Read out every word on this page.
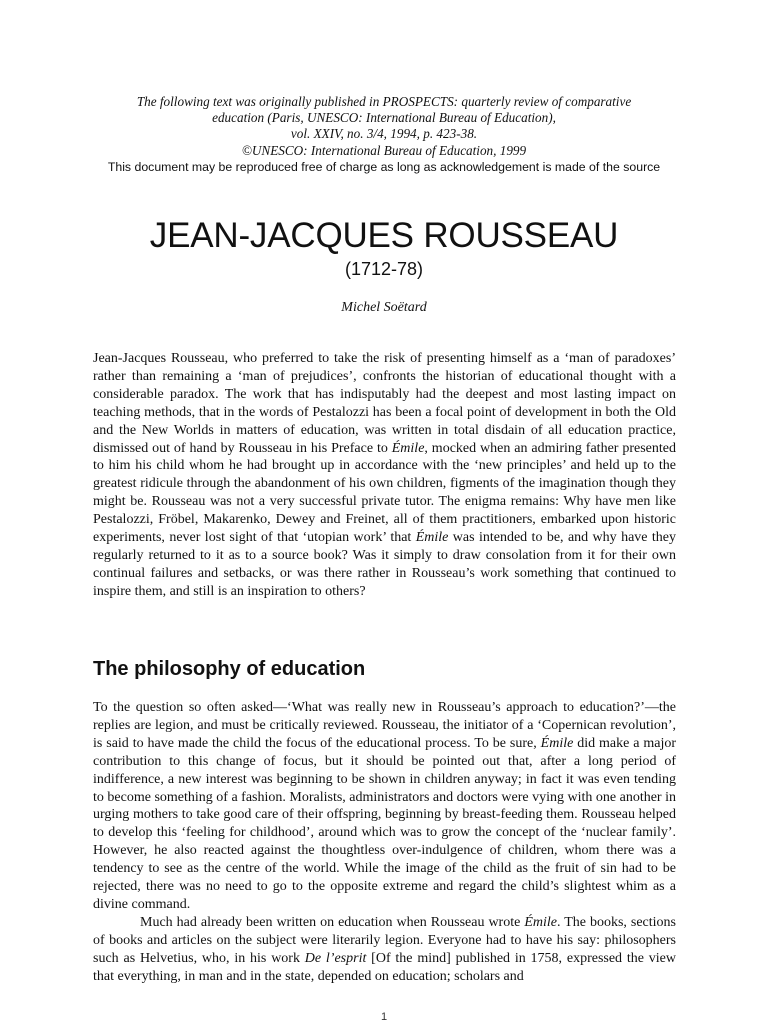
The following text was originally published in PROSPECTS: quarterly review of comparative
education (Paris, UNESCO: International Bureau of Education),
vol. XXIV, no. 3/4, 1994, p. 423-38.
©UNESCO: International Bureau of Education, 1999
This document may be reproduced free of charge as long as acknowledgement is made of the source
JEAN-JACQUES ROUSSEAU
(1712-78)
Michel Soëtard

Jean-Jacques Rousseau, who preferred to take the risk of presenting himself as a ‘man of paradoxes’ rather than remaining a ‘man of prejudices’, confronts the historian of educational thought with a considerable paradox. The work that has indisputably had the deepest and most lasting impact on teaching methods, that in the words of Pestalozzi has been a focal point of development in both the Old and the New Worlds in matters of education, was written in total disdain of all education practice, dismissed out of hand by Rousseau in his Preface to Émile, mocked when an admiring father presented to him his child whom he had brought up in accordance with the ‘new principles’ and held up to the greatest ridicule through the abandonment of his own children, figments of the imagination though they might be. Rousseau was not a very successful private tutor. The enigma remains: Why have men like Pestalozzi, Fröbel, Makarenko, Dewey and Freinet, all of them practitioners, embarked upon historic experiments, never lost sight of that ‘utopian work’ that Émile was intended to be, and why have they regularly returned to it as to a source book? Was it simply to draw consolation from it for their own continual failures and setbacks, or was there rather in Rousseau’s work something that continued to inspire them, and still is an inspiration to others?

The philosophy of education

To the question so often asked—‘What was really new in Rousseau’s approach to education?’—the replies are legion, and must be critically reviewed. Rousseau, the initiator of a ‘Copernican revolution’, is said to have made the child the focus of the educational process. To be sure, Émile did make a major contribution to this change of focus, but it should be pointed out that, after a long period of indifference, a new interest was beginning to be shown in children anyway; in fact it was even tending to become something of a fashion. Moralists, administrators and doctors were vying with one another in urging mothers to take good care of their offspring, beginning by breast-feeding them. Rousseau helped to develop this ‘feeling for childhood’, around which was to grow the concept of the ‘nuclear family’. However, he also reacted against the thoughtless over-indulgence of children, whom there was a tendency to see as the centre of the world. While the image of the child as the fruit of sin had to be rejected, there was no need to go to the opposite extreme and regard the child’s slightest whim as a divine command.

Much had already been written on education when Rousseau wrote Émile. The books, sections of books and articles on the subject were literarily legion. Everyone had to have his say: philosophers such as Helvetius, who, in his work De l’esprit [Of the mind] published in 1758, expressed the view that everything, in man and in the state, depended on education; scholars and

1
